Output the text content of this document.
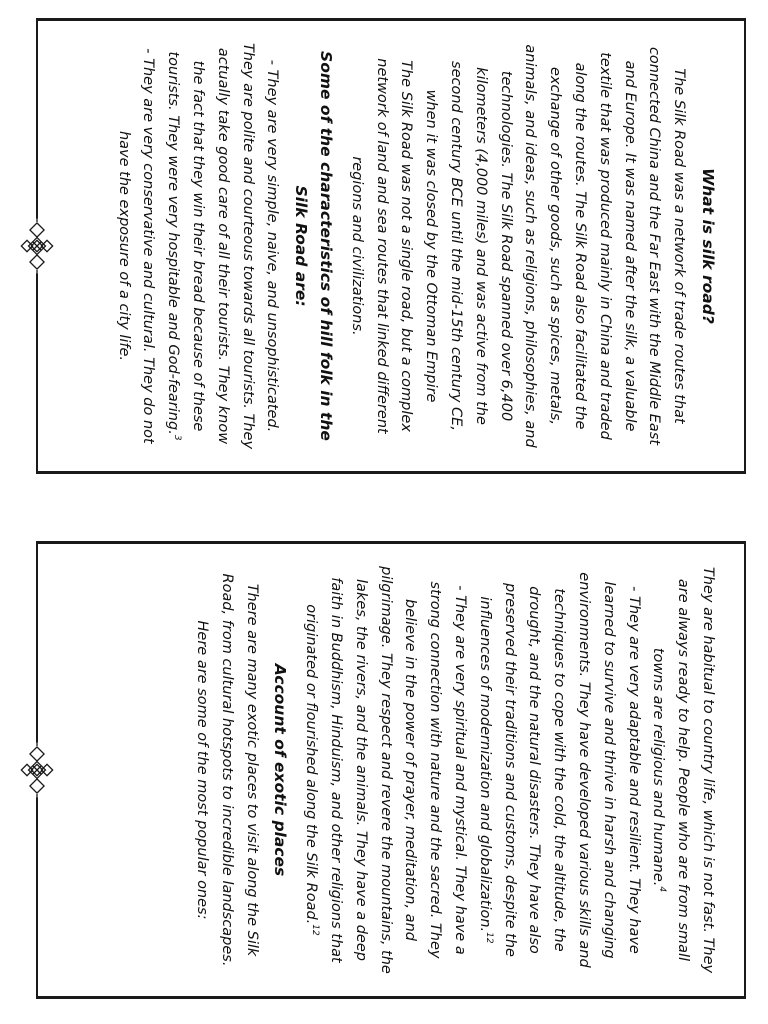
What is silk road?

The Silk Road was a network of trade routes that connected China and the Far East with the Middle East and Europe. It was named after the silk, a valuable textile that was produced mainly in China and traded along the routes. The Silk Road also facilitated the exchange of other goods, such as spices, metals, animals, and ideas, such as religions, philosophies, and technologies. The Silk Road spanned over 6,400 kilometers (4,000 miles) and was active from the second century BCE until the mid-15th century CE, when it was closed by the Ottoman Empire

The Silk Road was not a single road, but a complex network of land and sea routes that linked different regions and civilizations.

Some of the characteristics of hill folk in the Silk Road are:

- They are very simple, naive, and unsophisticated. They are polite and courteous towards all tourists. They actually take good care of all their tourists. They know the fact that they win their bread because of these tourists. They were very hospitable and God-fearing.$^3$

- They are very conservative and cultural. They do not have the exposure of a city life.

They are habitual to country life, which is not fast. They are always ready to help. People who are from small towns are religious and humane.$^4$

- They are very adaptable and resilient. They have learned to survive and thrive in harsh and changing environments. They have developed various skills and techniques to cope with the cold, the altitude, the drought, and the natural disasters. They have also preserved their traditions and customs, despite the influences of modernization and globalization.$^{12}$

- They are very spiritual and mystical. They have a strong connection with nature and the sacred. They believe in the power of prayer, meditation, and pilgrimage. They respect and revere the mountains, the lakes, the rivers, and the animals. They have a deep faith in Buddhism, Hinduism, and other religions that originated or flourished along the Silk Road.$^{12}$

Account of exotic places

There are many exotic places to visit along the Silk Road, from cultural hotspots to incredible landscapes. Here are some of the most popular ones:
